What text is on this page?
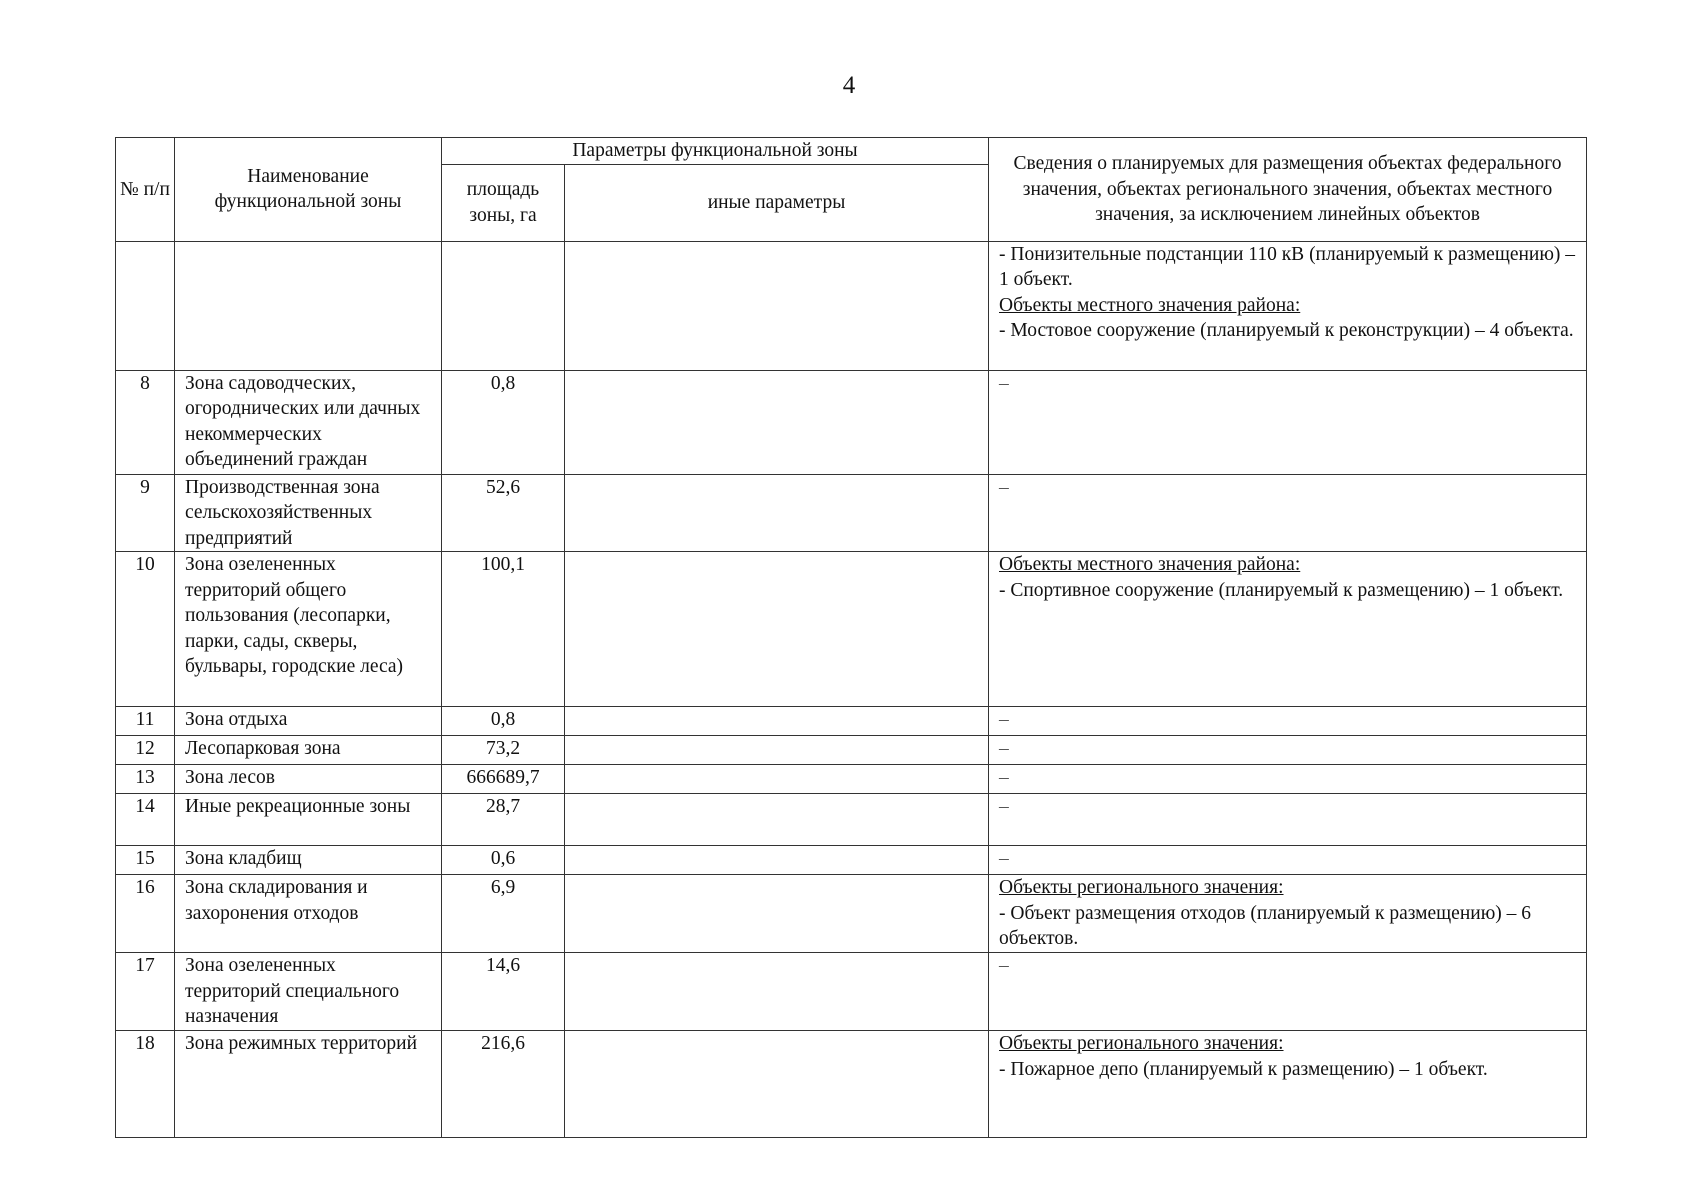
4
№ п/п	Наименование функциональной зоны	Параметры функциональной зоны		Сведения о планируемых для размещения объектах федерального значения, объектах регионального значения, объектах местного значения, за исключением линейных объектов
		площадь зоны, га	иные параметры	

				- Понизительные подстанции 110 кВ (планируемый к размещению) – 1 объект.
Объекты местного значения района:
- Мостовое сооружение (планируемый к реконструкции) – 4 объекта.

8	Зона садоводческих, огороднических или дачных некоммерческих объединений граждан	0,8		–

9	Производственная зона сельскохозяйственных предприятий	52,6		–

10	Зона озелененных территорий общего пользования (лесопарки, парки, сады, скверы, бульвары, городские леса)	100,1		Объекты местного значения района:
- Спортивное сооружение (планируемый к размещению) – 1 объект.

11	Зона отдыха	0,8		–

12	Лесопарковая зона	73,2		–

13	Зона лесов	666689,7		–

14	Иные рекреационные зоны	28,7		–

15	Зона кладбищ	0,6		–

16	Зона складирования и захоронения отходов	6,9		Объекты регионального значения:
- Объект размещения отходов (планируемый к размещению) – 6 объектов.

17	Зона озелененных территорий специального назначения	14,6		–

18	Зона режимных территорий	216,6		Объекты регионального значения:
- Пожарное депо (планируемый к размещению) – 1 объект.
